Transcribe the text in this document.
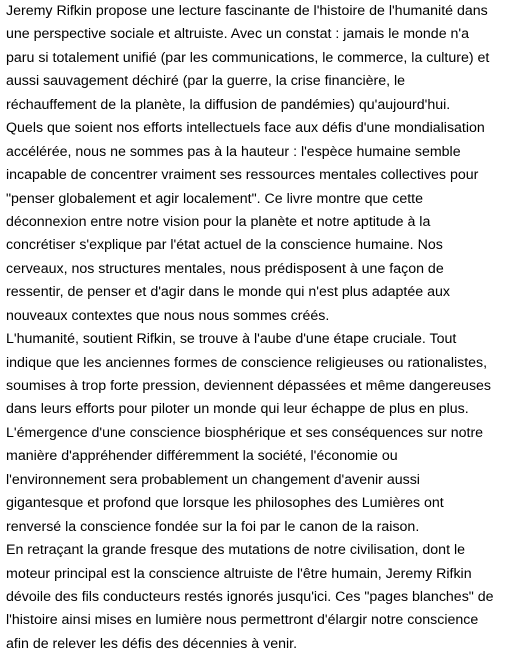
Jeremy Rifkin propose une lecture fascinante de l'histoire de l'humanité dans
une perspective sociale et altruiste. Avec un constat : jamais le monde n'a
paru si totalement unifié (par les communications, le commerce, la culture) et
aussi sauvagement déchiré (par la guerre, la crise financière, le
réchauffement de la planète, la diffusion de pandémies) qu'aujourd'hui.

Quels que soient nos efforts intellectuels face aux défis d'une mondialisation
accélérée, nous ne sommes pas à la hauteur : l'espèce humaine semble
incapable de concentrer vraiment ses ressources mentales collectives pour
"penser globalement et agir localement". Ce livre montre que cette
déconnexion entre notre vision pour la planète et notre aptitude à la
concrétiser s'explique par l'état actuel de la conscience humaine. Nos
cerveaux, nos structures mentales, nous prédisposent à une façon de
ressentir, de penser et d'agir dans le monde qui n'est plus adaptée aux
nouveaux contextes que nous nous sommes créés.

L'humanité, soutient Rifkin, se trouve à l'aube d'une étape cruciale. Tout
indique que les anciennes formes de conscience religieuses ou rationalistes,
soumises à trop forte pression, deviennent dépassées et même dangereuses
dans leurs efforts pour piloter un monde qui leur échappe de plus en plus.
L'émergence d'une conscience biosphérique et ses conséquences sur notre
manière d'appréhender différemment la société, l'économie ou
l'environnement sera probablement un changement d'avenir aussi
gigantesque et profond que lorsque les philosophes des Lumières ont
renversé la conscience fondée sur la foi par le canon de la raison.

En retraçant la grande fresque des mutations de notre civilisation, dont le
moteur principal est la conscience altruiste de l'être humain, Jeremy Rifkin
dévoile des fils conducteurs restés ignorés jusqu'ici. Ces "pages blanches" de
l'histoire ainsi mises en lumière nous permettront d'élargir notre conscience
afin de relever les défis des décennies à venir.
